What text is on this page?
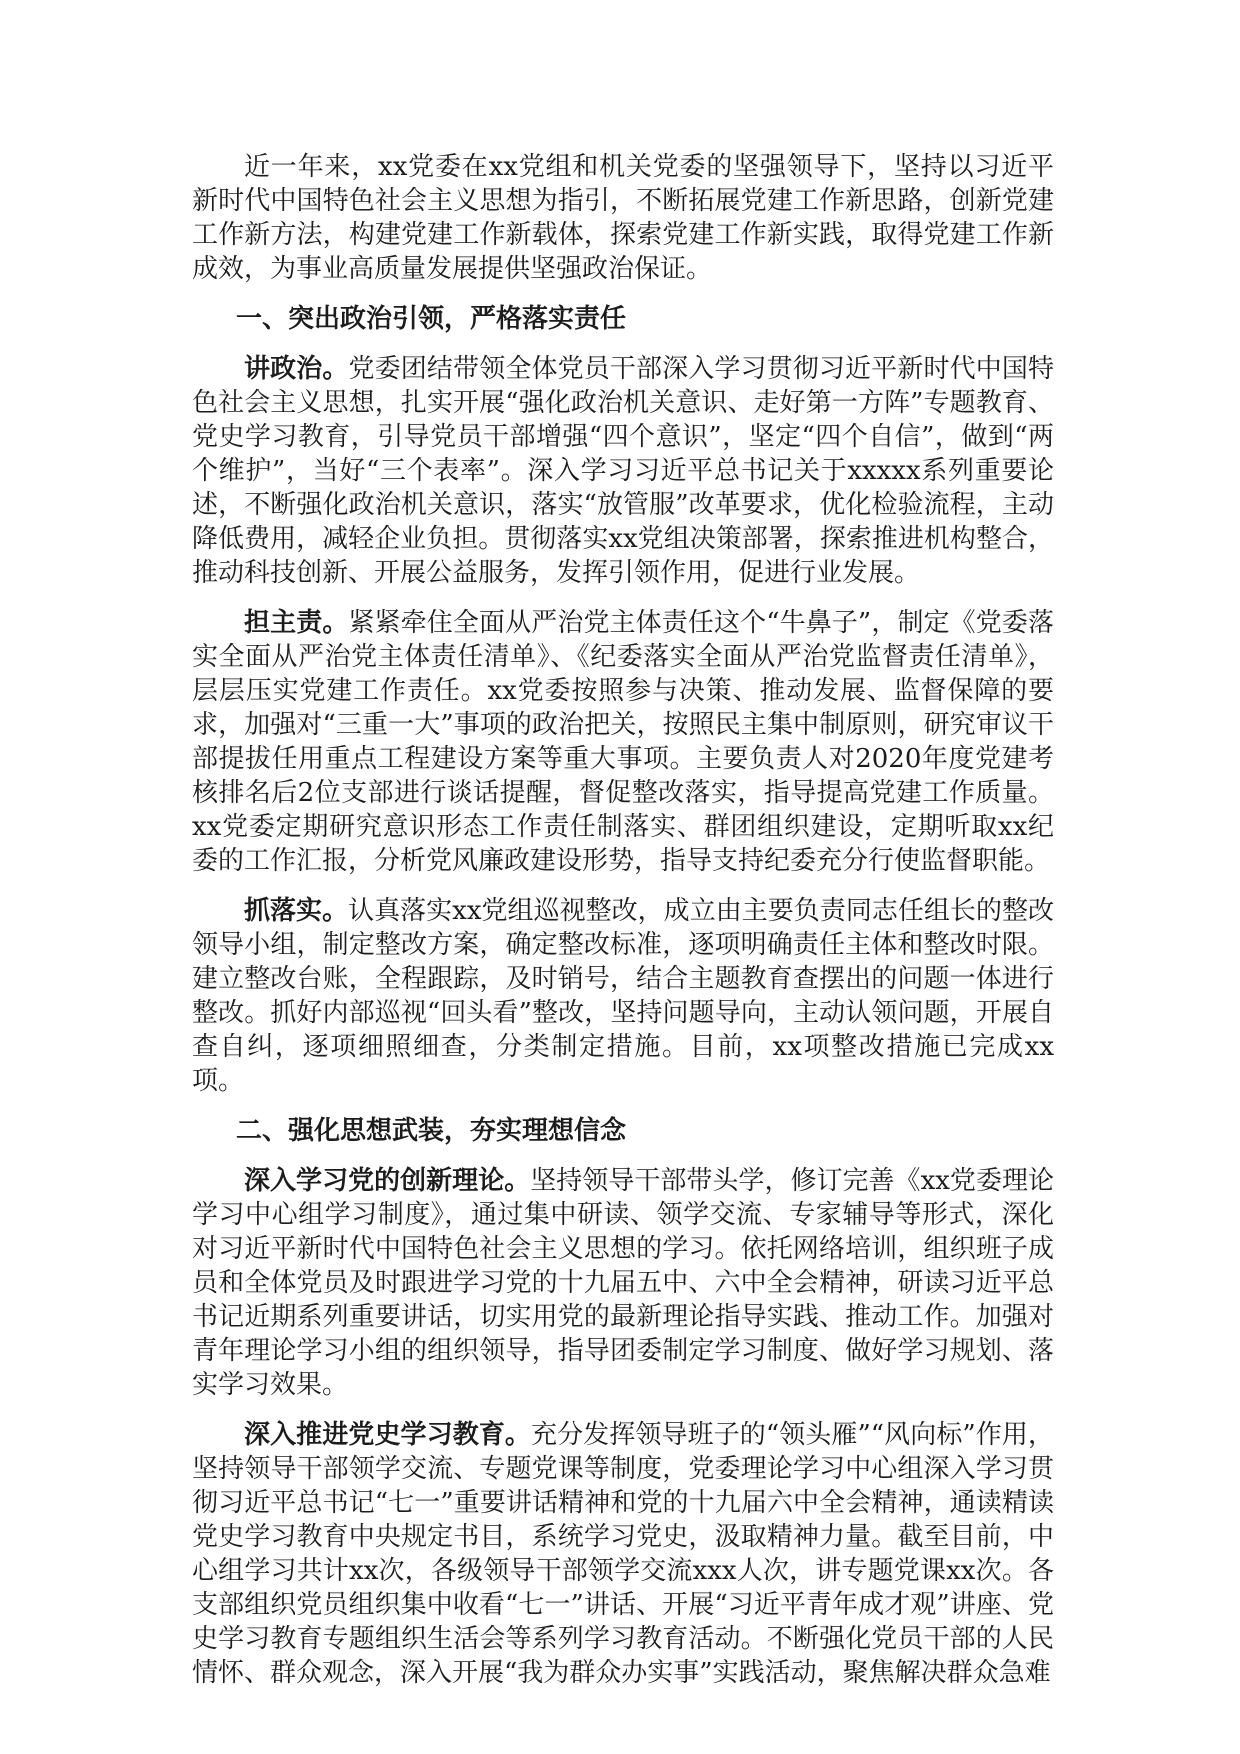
近一年来，xx党委在xx党组和机关党委的坚强领导下，坚持以习近平新时代中国特色社会主义思想为指引，不断拓展党建工作新思路，创新党建工作新方法，构建党建工作新载体，探索党建工作新实践，取得党建工作新成效，为事业高质量发展提供坚强政治保证。

一、突出政治引领，严格落实责任

讲政治。党委团结带领全体党员干部深入学习贯彻习近平新时代中国特色社会主义思想，扎实开展“强化政治机关意识、走好第一方阵”专题教育、党史学习教育，引导党员干部增强“四个意识”，坚定“四个自信”，做到“两个维护”，当好“三个表率”。深入学习习近平总书记关于xxxxx系列重要论述，不断强化政治机关意识，落实“放管服”改革要求，优化检验流程，主动降低费用，减轻企业负担。贯彻落实xx党组决策部署，探索推进机构整合，推动科技创新、开展公益服务，发挥引领作用，促进行业发展。

担主责。紧紧牵住全面从严治党主体责任这个“牛鼻子”，制定《党委落实全面从严治党主体责任清单》、《纪委落实全面从严治党监督责任清单》，层层压实党建工作责任。xx党委按照参与决策、推动发展、监督保障的要求，加强对“三重一大”事项的政治把关，按照民主集中制原则，研究审议干部提拔任用重点工程建设方案等重大事项。主要负责人对2020年度党建考核排名后2位支部进行谈话提醒，督促整改落实，指导提高党建工作质量。xx党委定期研究意识形态工作责任制落实、群团组织建设，定期听取xx纪委的工作汇报，分析党风廉政建设形势，指导支持纪委充分行使监督职能。

抓落实。认真落实xx党组巡视整改，成立由主要负责同志任组长的整改领导小组，制定整改方案，确定整改标准，逐项明确责任主体和整改时限。建立整改台账，全程跟踪，及时销号，结合主题教育查摆出的问题一体进行整改。抓好内部巡视“回头看”整改，坚持问题导向，主动认领问题，开展自查自纠，逐项细照细查，分类制定措施。目前，xx项整改措施已完成xx项。

二、强化思想武装，夯实理想信念

深入学习党的创新理论。坚持领导干部带头学，修订完善《xx党委理论学习中心组学习制度》，通过集中研读、领学交流、专家辅导等形式，深化对习近平新时代中国特色社会主义思想的学习。依托网络培训，组织班子成员和全体党员及时跟进学习党的十九届五中、六中全会精神，研读习近平总书记近期系列重要讲话，切实用党的最新理论指导实践、推动工作。加强对青年理论学习小组的组织领导，指导团委制定学习制度、做好学习规划、落实学习效果。

深入推进党史学习教育。充分发挥领导班子的“领头雁”“风向标”作用，坚持领导干部领学交流、专题党课等制度，党委理论学习中心组深入学习贯彻习近平总书记“七一”重要讲话精神和党的十九届六中全会精神，通读精读党史学习教育中央规定书目，系统学习党史，汲取精神力量。截至目前，中心组学习共计xx次，各级领导干部领学交流xxx人次，讲专题党课xx次。各支部组织党员组织集中收看“七一”讲话、开展“习近平青年成才观”讲座、党史学习教育专题组织生活会等系列学习教育活动。不断强化党员干部的人民情怀、群众观念，深入开展“我为群众办实事”实践活动，聚焦解决群众急难
